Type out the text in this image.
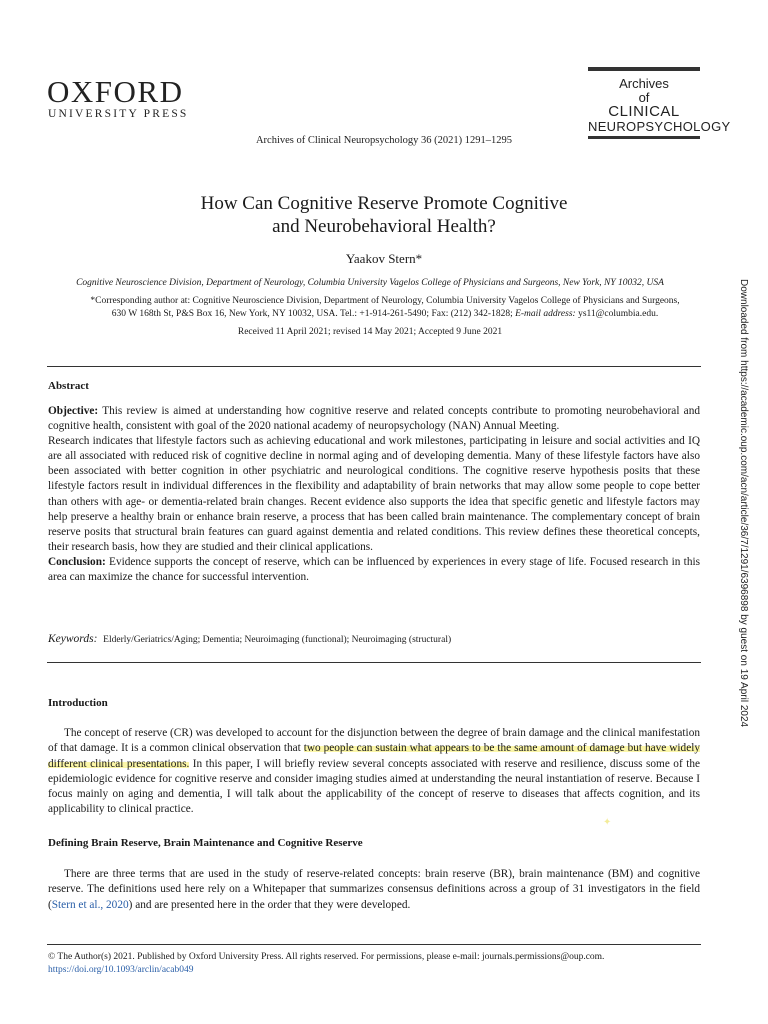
OXFORD
UNIVERSITY PRESS
Archives of Clinical Neuropsychology 36 (2021) 1291–1295
Archives
of
CLINICAL
NEUROPSYCHOLOGY
How Can Cognitive Reserve Promote Cognitive
and Neurobehavioral Health?
Yaakov Stern*
Cognitive Neuroscience Division, Department of Neurology, Columbia University Vagelos College of Physicians and Surgeons, New York, NY 10032, USA
*Corresponding author at: Cognitive Neuroscience Division, Department of Neurology, Columbia University Vagelos College of Physicians and Surgeons,
630 W 168th St, P&S Box 16, New York, NY 10032, USA. Tel.: +1-914-261-5490; Fax: (212) 342-1828; E-mail address: ys11@columbia.edu.
Received 11 April 2021; revised 14 May 2021; Accepted 9 June 2021
Abstract

Objective: This review is aimed at understanding how cognitive reserve and related concepts contribute to promoting neurobehavioral and cognitive health, consistent with goal of the 2020 national academy of neuropsychology (NAN) Annual Meeting.

Research indicates that lifestyle factors such as achieving educational and work milestones, participating in leisure and social activities and IQ are all associated with reduced risk of cognitive decline in normal aging and of developing dementia. Many of these lifestyle factors have also been associated with better cognition in other psychiatric and neurological conditions. The cognitive reserve hypothesis posits that these lifestyle factors result in individual differences in the flexibility and adaptability of brain networks that may allow some people to cope better than others with age- or dementia-related brain changes. Recent evidence also supports the idea that specific genetic and lifestyle factors may help preserve a healthy brain or enhance brain reserve, a process that has been called brain maintenance. The complementary concept of brain reserve posits that structural brain features can guard against dementia and related conditions. This review defines these theoretical concepts, their research basis, how they are studied and their clinical applications.

Conclusion: Evidence supports the concept of reserve, which can be influenced by experiences in every stage of life. Focused research in this area can maximize the chance for successful intervention.

Keywords: Elderly/Geriatrics/Aging; Dementia; Neuroimaging (functional); Neuroimaging (structural)
Introduction

The concept of reserve (CR) was developed to account for the disjunction between the degree of brain damage and the clinical manifestation of that damage. It is a common clinical observation that two people can sustain what appears to be the same amount of damage but have widely different clinical presentations. In this paper, I will briefly review several concepts associated with reserve and resilience, discuss some of the epidemiologic evidence for cognitive reserve and consider imaging studies aimed at understanding the neural instantiation of reserve. Because I focus mainly on aging and dementia, I will talk about the applicability of the concept of reserve to diseases that affects cognition, and its applicability to clinical practice.

✦
Defining Brain Reserve, Brain Maintenance and Cognitive Reserve

There are three terms that are used in the study of reserve-related concepts: brain reserve (BR), brain maintenance (BM) and cognitive reserve. The definitions used here rely on a Whitepaper that summarizes consensus definitions across a group of 31 investigators in the field (Stern et al., 2020) and are presented here in the order that they were developed.

© The Author(s) 2021. Published by Oxford University Press. All rights reserved. For permissions, please e-mail: journals.permissions@oup.com.
https://doi.org/10.1093/arclin/acab049
Downloaded from https://academic.oup.com/acn/article/36/7/1291/6396898 by guest on 19 April 2024
